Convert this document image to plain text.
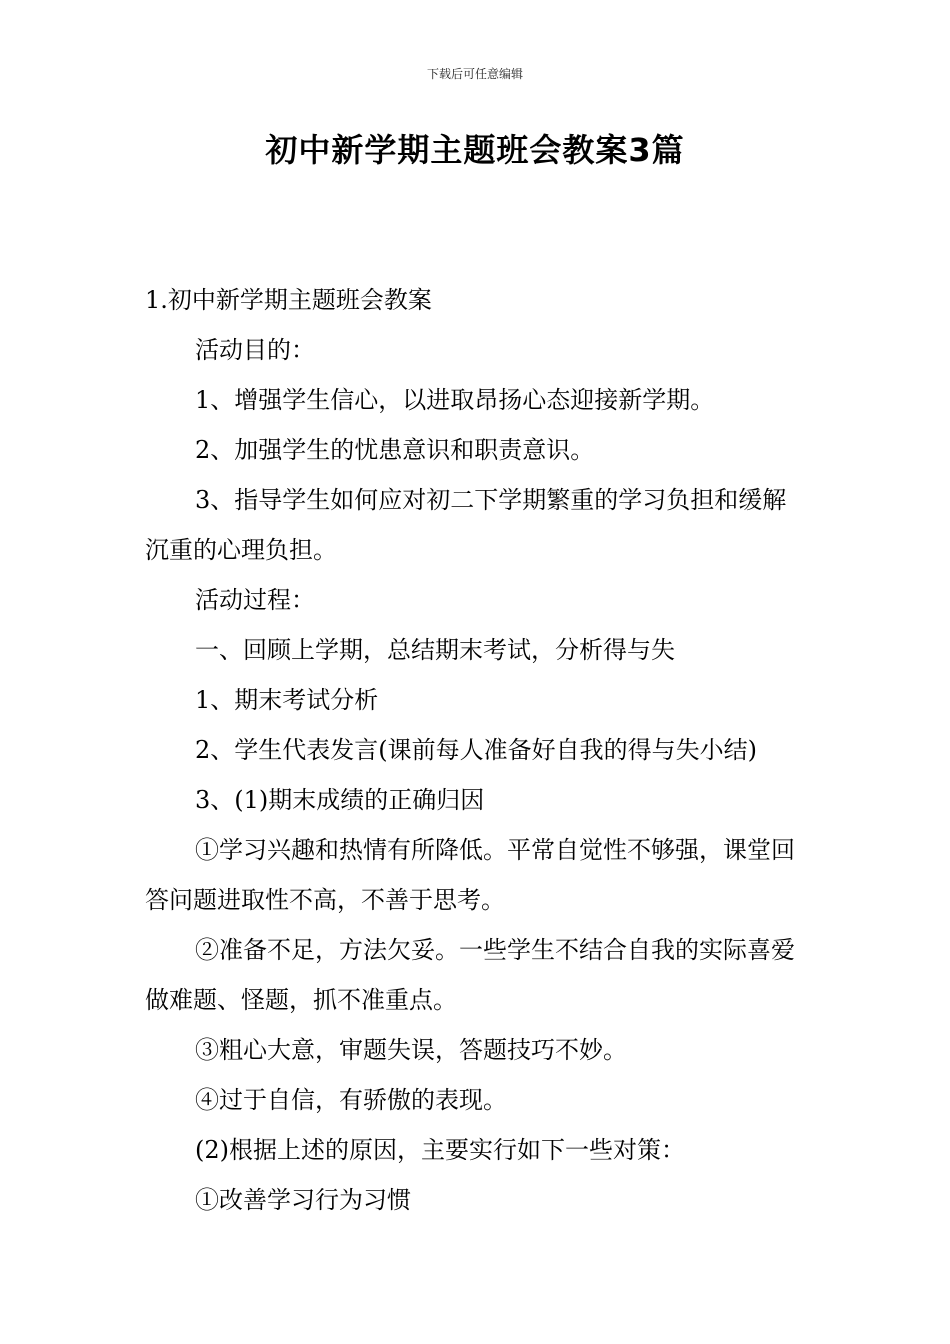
下载后可任意编辑
初中新学期主题班会教案3篇

1.初中新学期主题班会教案

活动目的：

1、增强学生信心，以进取昂扬心态迎接新学期。

2、加强学生的忧患意识和职责意识。

3、指导学生如何应对初二下学期繁重的学习负担和缓解沉重的心理负担。

活动过程：

一、回顾上学期，总结期末考试，分析得与失

1、期末考试分析

2、学生代表发言(课前每人准备好自我的得与失小结)

3、(1)期末成绩的正确归因

①学习兴趣和热情有所降低。平常自觉性不够强，课堂回答问题进取性不高，不善于思考。

②准备不足，方法欠妥。一些学生不结合自我的实际喜爱做难题、怪题，抓不准重点。

③粗心大意，审题失误，答题技巧不妙。

④过于自信，有骄傲的表现。

(2)根据上述的原因，主要实行如下一些对策：

①改善学习行为习惯
